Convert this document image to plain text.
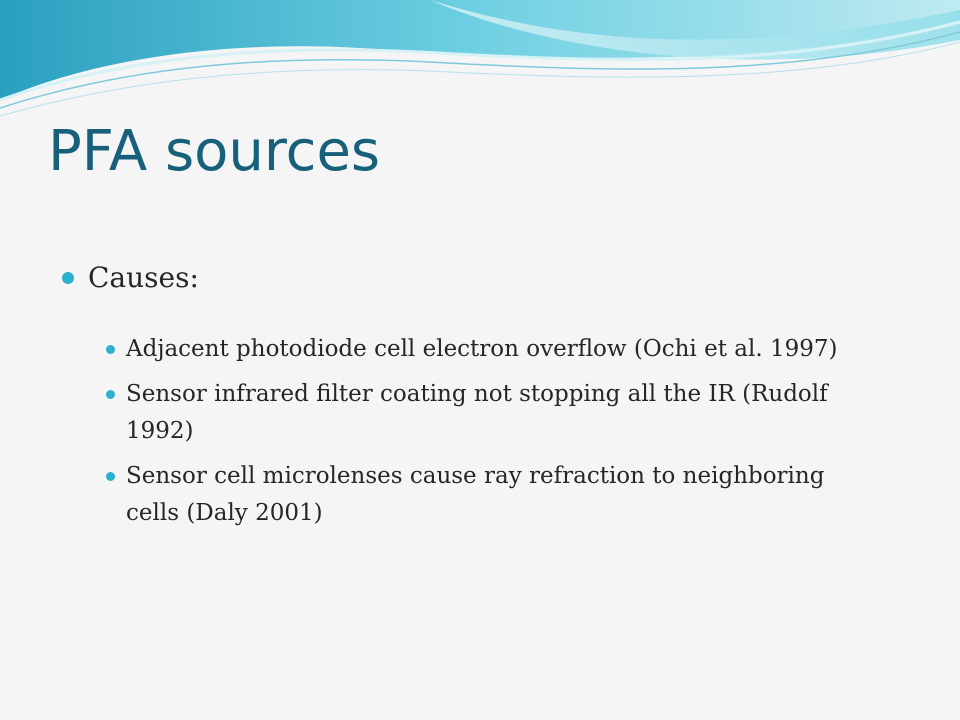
PFA sources
Causes:
Adjacent photodiode cell electron overflow (Ochi et al. 1997)
Sensor infrared filter coating not stopping all the IR (Rudolf 1992)
Sensor cell microlenses cause ray refraction to neighboring cells (Daly 2001)
